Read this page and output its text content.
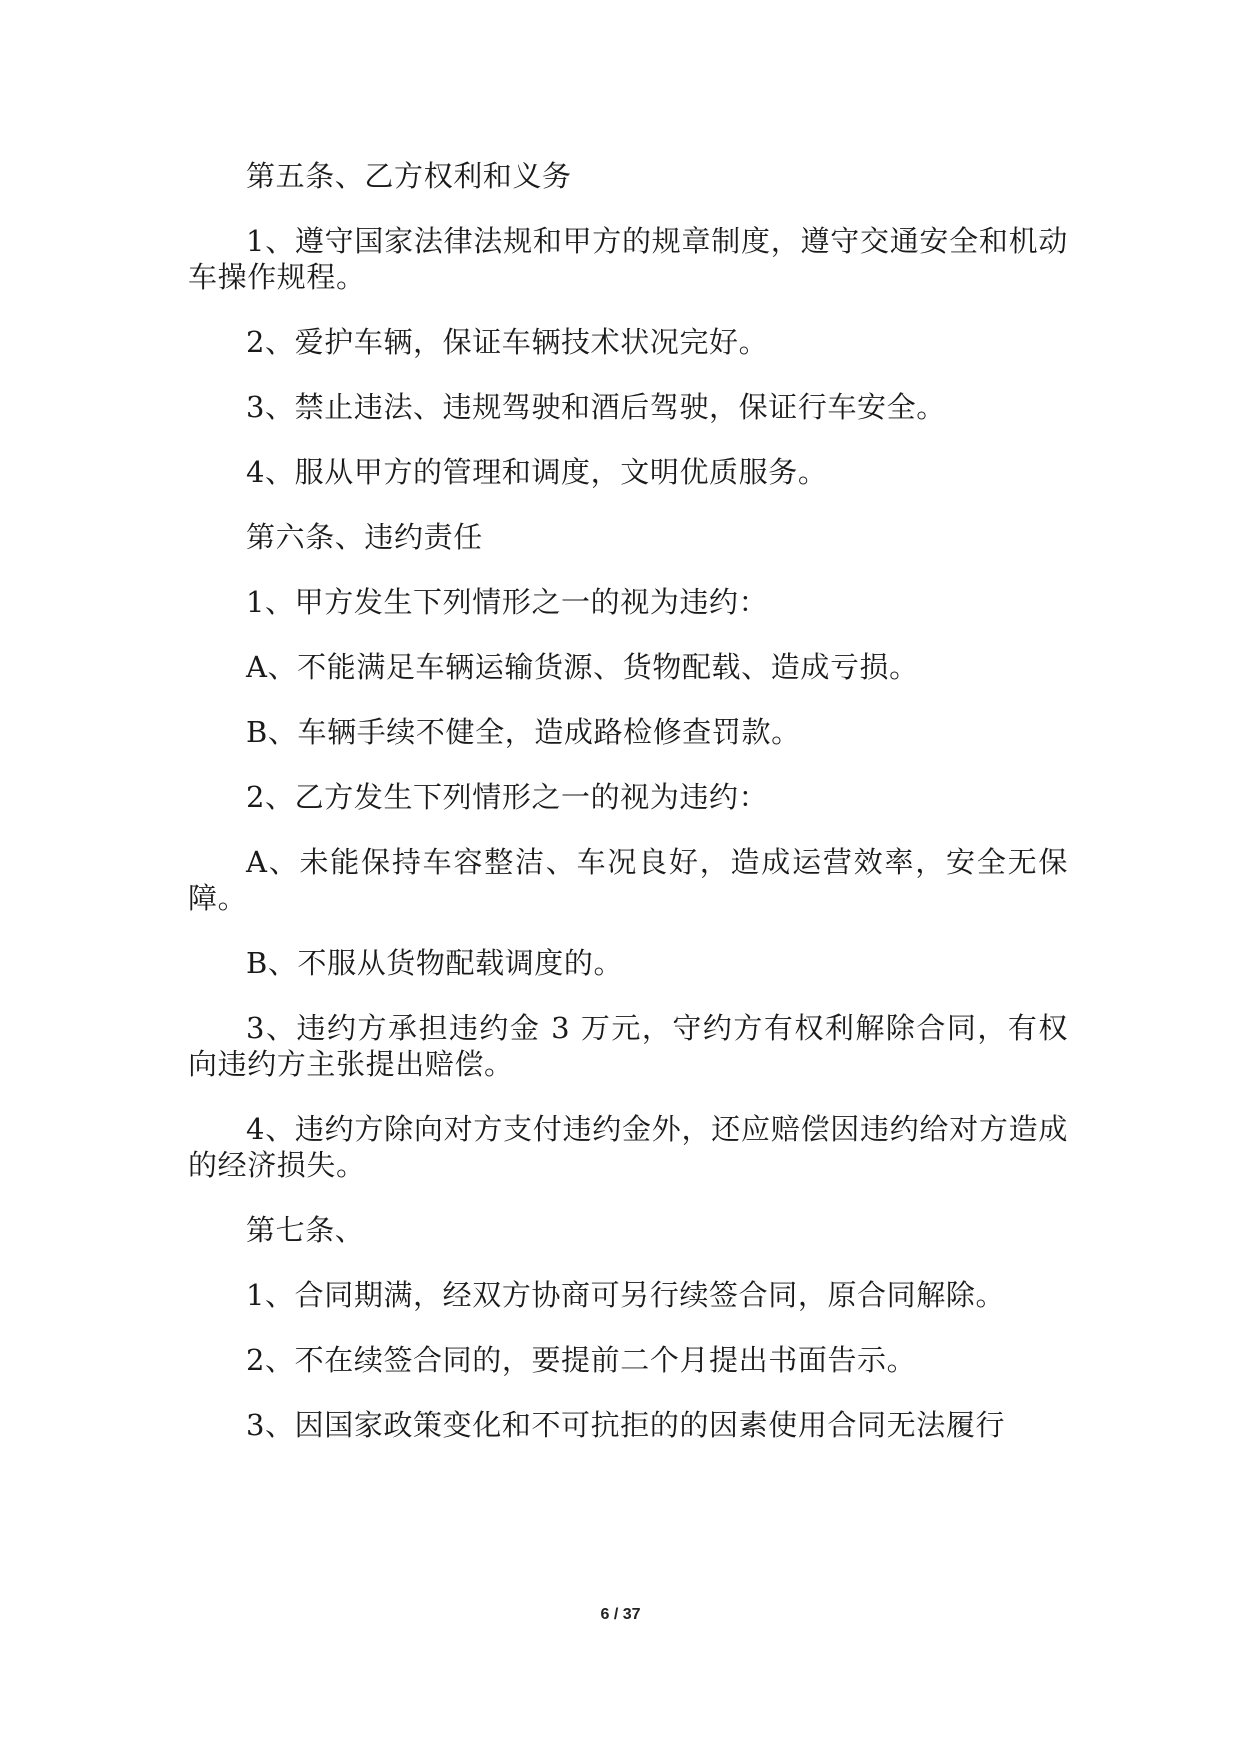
第五条、乙方权利和义务

1、遵守国家法律法规和甲方的规章制度，遵守交通安全和机动车操作规程。

2、爱护车辆，保证车辆技术状况完好。

3、禁止违法、违规驾驶和酒后驾驶，保证行车安全。

4、服从甲方的管理和调度，文明优质服务。

第六条、违约责任

1、甲方发生下列情形之一的视为违约：

A、不能满足车辆运输货源、货物配载、造成亏损。

B、车辆手续不健全，造成路检修查罚款。

2、乙方发生下列情形之一的视为违约：

A、未能保持车容整洁、车况良好，造成运营效率，安全无保障。

B、不服从货物配载调度的。

3、违约方承担违约金 3 万元，守约方有权利解除合同，有权向违约方主张提出赔偿。

4、违约方除向对方支付违约金外，还应赔偿因违约给对方造成的经济损失。

第七条、

1、合同期满，经双方协商可另行续签合同，原合同解除。

2、不在续签合同的，要提前二个月提出书面告示。

3、因国家政策变化和不可抗拒的的因素使用合同无法履行

6 / 37
